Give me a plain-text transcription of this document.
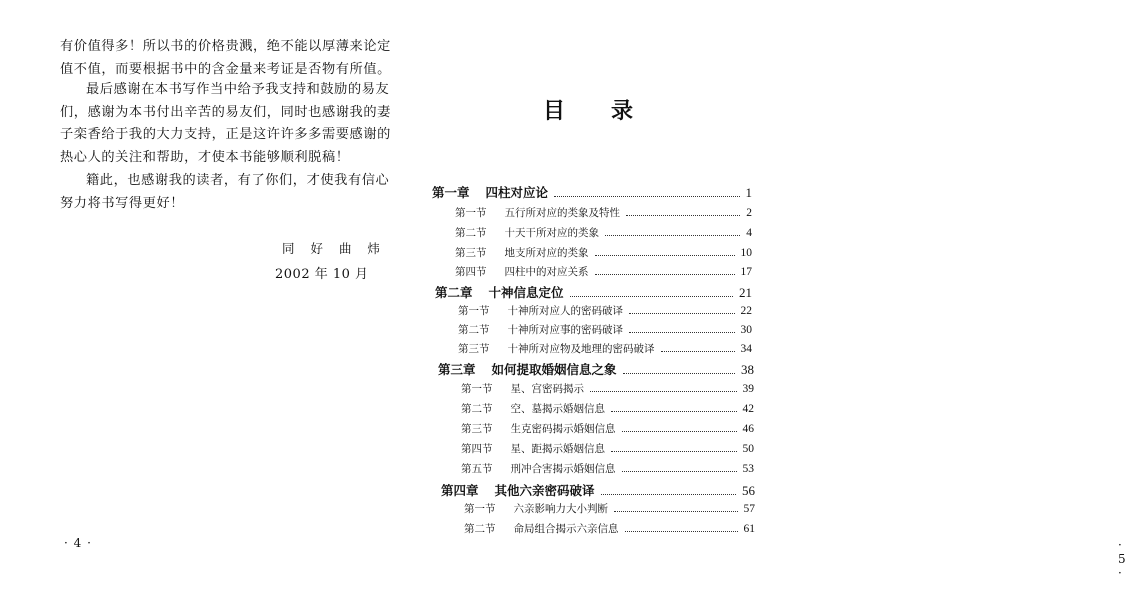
有价值得多！所以书的价格贵溅，绝不能以厚薄来论定值不值，而要根据书中的含金量来考证是否物有所值。
最后感谢在本书写作当中给予我支持和鼓励的易友们，感谢为本书付出辛苦的易友们，同时也感谢我的妻子栾香给于我的大力支持，正是这许许多多需要感谢的热心人的关注和帮助，才使本书能够顺利脱稿！
籍此，也感谢我的读者，有了你们，才使我有信心努力将书写得更好！
同 好 曲 炜
2002 年 10 月
· 4 ·	· 5 ·
目录
第一章 四柱对应论	1
第一节 五行所对应的类象及特性	2
第二节 十天干所对应的类象	4
第三节 地支所对应的类象	10
第四节 四柱中的对应关系	17
第二章 十神信息定位	21
第一节 十神所对应人的密码破译	22
第二节 十神所对应事的密码破译	30
第三节 十神所对应物及地理的密码破译	34
第三章 如何提取婚姻信息之象	38
第一节 星、宫密码揭示	39
第二节 空、墓揭示婚姻信息	42
第三节 生克密码揭示婚姻信息	46
第四节 星、距揭示婚姻信息	50
第五节 刑冲合害揭示婚姻信息	53
第四章 其他六亲密码破译	56
第一节 六亲影响力大小判断	57
第二节 命局组合揭示六亲信息	61
